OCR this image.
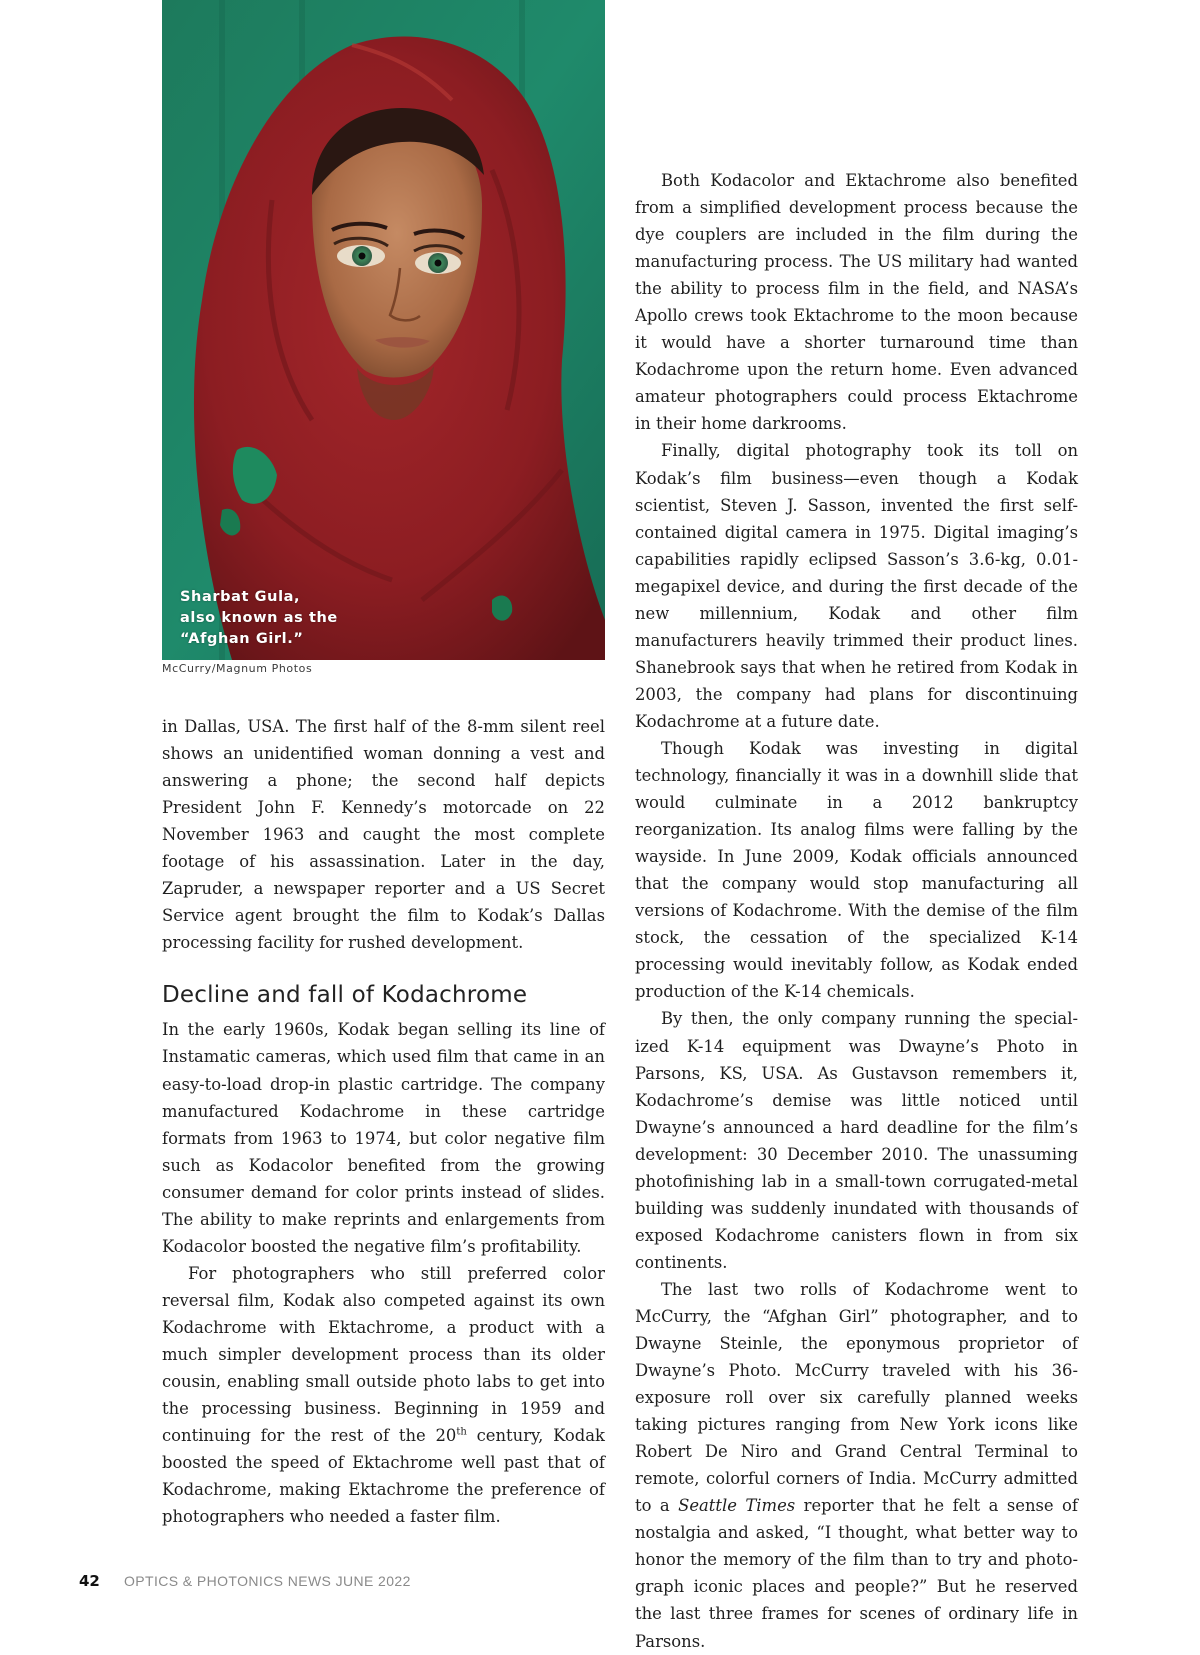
Sharbat Gula,
also known as the
“Afghan Girl.”

McCurry/Magnum Photos

in Dallas, USA. The first half of the 8-mm silent reel shows an unidentified woman donning a vest and answering a phone; the second half depicts President John F. Kennedy’s motorcade on 22 November 1963 and caught the most complete footage of his assassination. Later in the day, Zapruder, a newspaper reporter and a US Secret Service agent brought the film to Kodak’s Dallas processing facility for rushed development.

Decline and fall of Kodachrome

In the early 1960s, Kodak began selling its line of Instamatic cameras, which used film that came in an easy-to-load drop-in plastic cartridge. The company manufactured Kodachrome in these cartridge formats from 1963 to 1974, but color negative film such as Kodacolor benefited from the growing consumer demand for color prints instead of slides. The ability to make reprints and enlargements from Kodacolor boosted the negative film’s profitability.

For photographers who still preferred color reversal film, Kodak also competed against its own Kodachrome with Ektachrome, a product with a much simpler development process than its older cousin, enabling small outside photo labs to get into the processing business. Beginning in 1959 and continuing for the rest of the 20th century, Kodak boosted the speed of Ektachrome well past that of Kodachrome, making Ektachrome the preference of photographers who needed a faster film.

Both Kodacolor and Ektachrome also benefited from a simplified development process because the dye couplers are included in the film during the manufacturing process. The US military had wanted the ability to process film in the field, and NASA’s Apollo crews took Ektachrome to the moon because it would have a shorter turnaround time than Kodachrome upon the return home. Even advanced amateur photographers could process Ektachrome in their home darkrooms.

Finally, digital photography took its toll on Kodak’s film business—even though a Kodak scientist, Steven J. Sasson, invented the first self-contained digital camera in 1975. Digital imaging’s capabilities rapidly eclipsed Sasson’s 3.6-kg, 0.01-megapixel device, and during the first decade of the new millennium, Kodak and other film manufacturers heavily trimmed their product lines. Shanebrook says that when he retired from Kodak in 2003, the company had plans for discontinuing Kodachrome at a future date.

Though Kodak was investing in digital technology, financially it was in a downhill slide that would culminate in a 2012 bankruptcy reorganization. Its analog films were falling by the wayside. In June 2009, Kodak officials announced that the company would stop manufacturing all versions of Kodachrome. With the demise of the film stock, the cessation of the specialized K-14 processing would inevitably follow, as Kodak ended production of the K-14 chemicals.

By then, the only company running the specialized K-14 equipment was Dwayne’s Photo in Parsons, KS, USA. As Gustavson remembers it, Kodachrome’s demise was little noticed until Dwayne’s announced a hard deadline for the film’s development: 30 December 2010. The unassuming photofinishing lab in a small-town corrugated-metal building was suddenly inundated with thousands of exposed Kodachrome canisters flown in from six continents.

The last two rolls of Kodachrome went to McCurry, the “Afghan Girl” photographer, and to Dwayne Steinle, the eponymous proprietor of Dwayne’s Photo. McCurry traveled with his 36-exposure roll over six carefully planned weeks taking pictures ranging from New York icons like Robert De Niro and Grand Central Terminal to remote, colorful corners of India. McCurry admitted to a Seattle Times reporter that he felt a sense of nostalgia and asked, “I thought, what better way to honor the memory of the film than to try and photograph iconic places and people?” But he reserved the last three frames for scenes of ordinary life in Parsons.

42 OPTICS & PHOTONICS NEWS JUNE 2022
